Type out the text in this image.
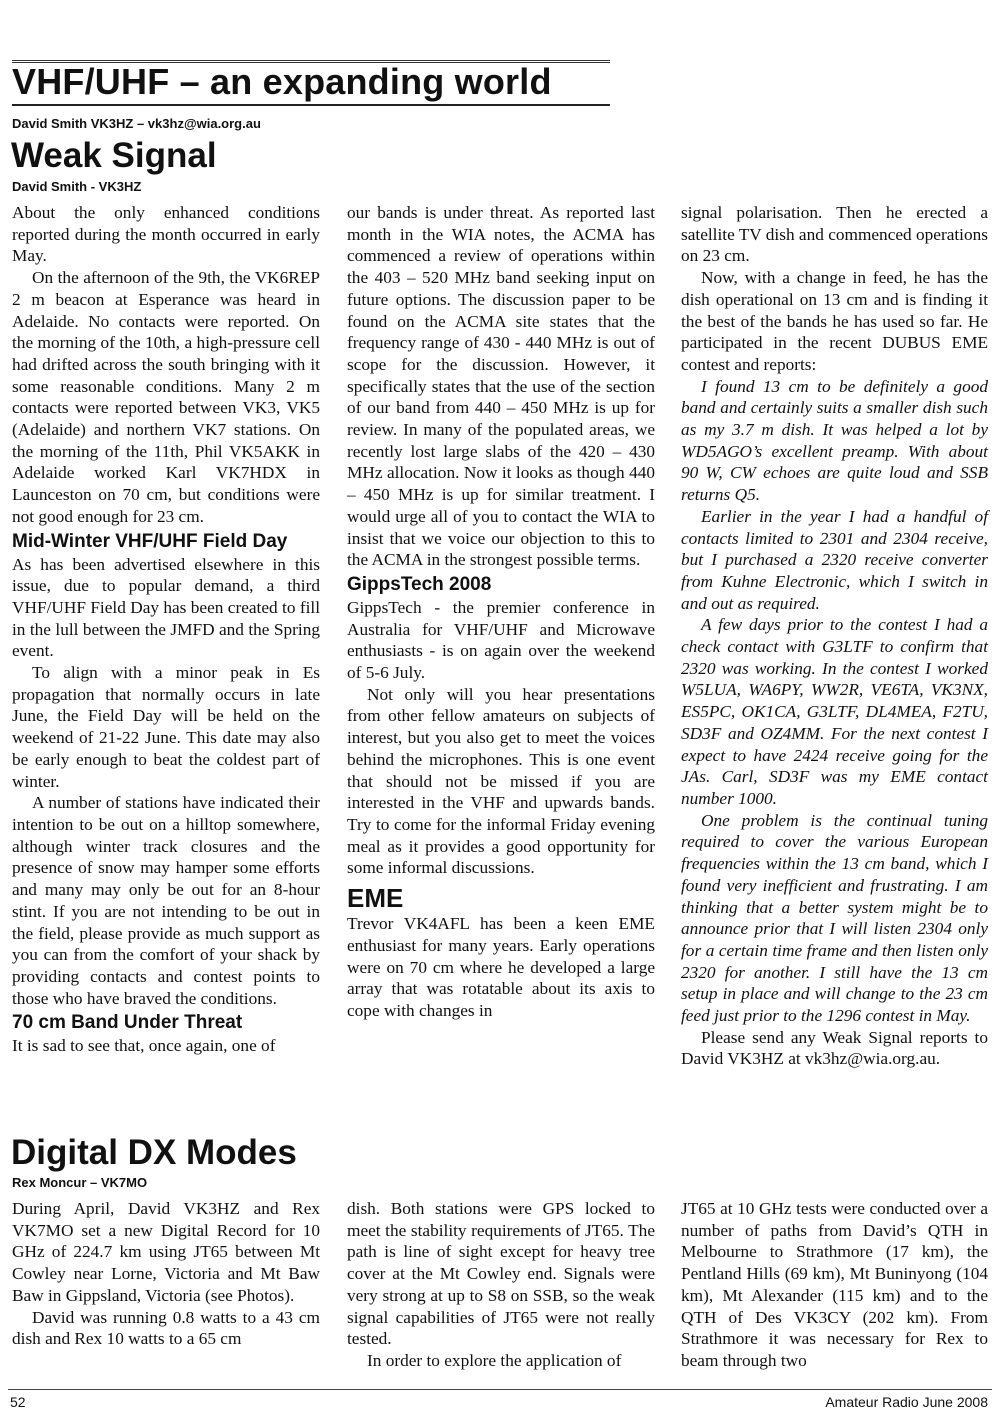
VHF/UHF – an expanding world
David Smith VK3HZ – vk3hz@wia.org.au
Weak Signal
David Smith - VK3HZ

About the only enhanced conditions reported during the month occurred in early May.

On the afternoon of the 9th, the VK6REP 2 m beacon at Esperance was heard in Adelaide. No contacts were reported. On the morning of the 10th, a high-pressure cell had drifted across the south bringing with it some reasonable conditions. Many 2 m contacts were reported between VK3, VK5 (Adelaide) and northern VK7 stations. On the morning of the 11th, Phil VK5AKK in Adelaide worked Karl VK7HDX in Launceston on 70 cm, but conditions were not good enough for 23 cm.

Mid-Winter VHF/UHF Field Day

As has been advertised elsewhere in this issue, due to popular demand, a third VHF/UHF Field Day has been created to fill in the lull between the JMFD and the Spring event.

To align with a minor peak in Es propagation that normally occurs in late June, the Field Day will be held on the weekend of 21-22 June. This date may also be early enough to beat the coldest part of winter.

A number of stations have indicated their intention to be out on a hilltop somewhere, although winter track closures and the presence of snow may hamper some efforts and many may only be out for an 8-hour stint. If you are not intending to be out in the field, please provide as much support as you can from the comfort of your shack by providing contacts and contest points to those who have braved the conditions.

70 cm Band Under Threat

It is sad to see that, once again, one of

our bands is under threat. As reported last month in the WIA notes, the ACMA has commenced a review of operations within the 403 – 520 MHz band seeking input on future options. The discussion paper to be found on the ACMA site states that the frequency range of 430 - 440 MHz is out of scope for the discussion. However, it specifically states that the use of the section of our band from 440 – 450 MHz is up for review. In many of the populated areas, we recently lost large slabs of the 420 – 430 MHz allocation. Now it looks as though 440 – 450 MHz is up for similar treatment. I would urge all of you to contact the WIA to insist that we voice our objection to this to the ACMA in the strongest possible terms.

GippsTech 2008

GippsTech - the premier conference in Australia for VHF/UHF and Microwave enthusiasts - is on again over the weekend of 5-6 July.

Not only will you hear presentations from other fellow amateurs on subjects of interest, but you also get to meet the voices behind the microphones. This is one event that should not be missed if you are interested in the VHF and upwards bands. Try to come for the informal Friday evening meal as it provides a good opportunity for some informal discussions.

EME

Trevor VK4AFL has been a keen EME enthusiast for many years. Early operations were on 70 cm where he developed a large array that was rotatable about its axis to cope with changes in

signal polarisation. Then he erected a satellite TV dish and commenced operations on 23 cm.

Now, with a change in feed, he has the dish operational on 13 cm and is finding it the best of the bands he has used so far. He participated in the recent DUBUS EME contest and reports:

I found 13 cm to be definitely a good band and certainly suits a smaller dish such as my 3.7 m dish. It was helped a lot by WD5AGO’s excellent preamp. With about 90 W, CW echoes are quite loud and SSB returns Q5.

Earlier in the year I had a handful of contacts limited to 2301 and 2304 receive, but I purchased a 2320 receive converter from Kuhne Electronic, which I switch in and out as required.

A few days prior to the contest I had a check contact with G3LTF to confirm that 2320 was working. In the contest I worked W5LUA, WA6PY, WW2R, VE6TA, VK3NX, ES5PC, OK1CA, G3LTF, DL4MEA, F2TU, SD3F and OZ4MM. For the next contest I expect to have 2424 receive going for the JAs. Carl, SD3F was my EME contact number 1000.

One problem is the continual tuning required to cover the various European frequencies within the 13 cm band, which I found very inefficient and frustrating. I am thinking that a better system might be to announce prior that I will listen 2304 only for a certain time frame and then listen only 2320 for another. I still have the 13 cm setup in place and will change to the 23 cm feed just prior to the 1296 contest in May.

Please send any Weak Signal reports to David VK3HZ at vk3hz@wia.org.au.

Digital DX Modes
Rex Moncur – VK7MO

During April, David VK3HZ and Rex VK7MO set a new Digital Record for 10 GHz of 224.7 km using JT65 between Mt Cowley near Lorne, Victoria and Mt Baw Baw in Gippsland, Victoria (see Photos).

David was running 0.8 watts to a 43 cm dish and Rex 10 watts to a 65 cm

dish. Both stations were GPS locked to meet the stability requirements of JT65. The path is line of sight except for heavy tree cover at the Mt Cowley end. Signals were very strong at up to S8 on SSB, so the weak signal capabilities of JT65 were not really tested.

In order to explore the application of

JT65 at 10 GHz tests were conducted over a number of paths from David’s QTH in Melbourne to Strathmore (17 km), the Pentland Hills (69 km), Mt Buninyong (104 km), Mt Alexander (115 km) and to the QTH of Des VK3CY (202 km). From Strathmore it was necessary for Rex to beam through two

52	Amateur Radio June 2008
